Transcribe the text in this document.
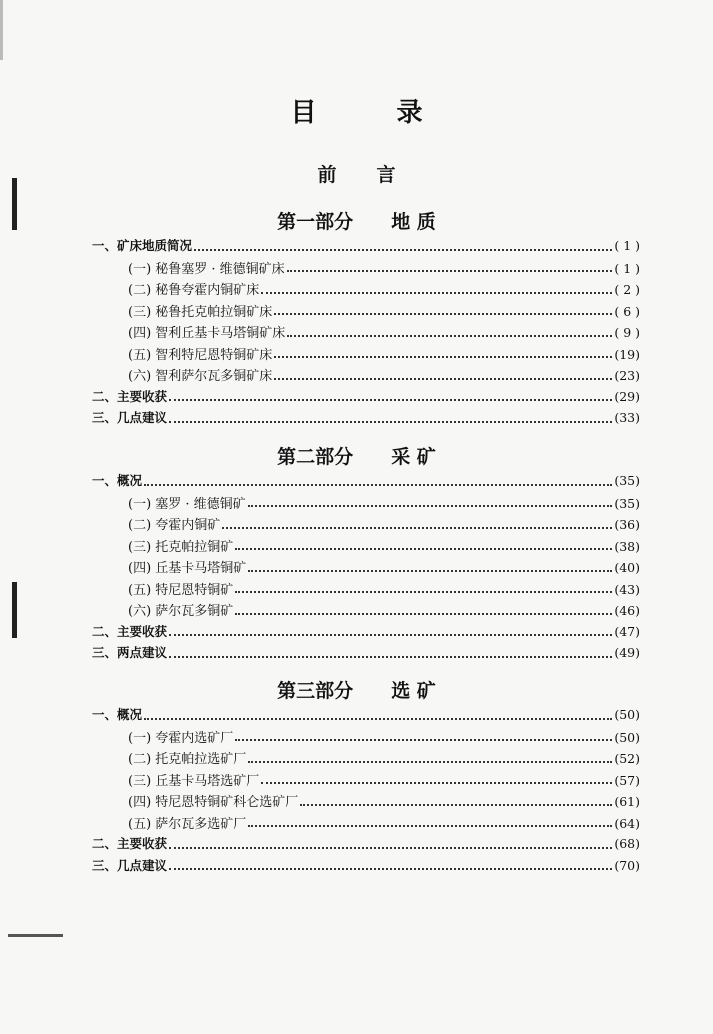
目	录
前 言
第一部分 地 质
一、矿床地质简况	( 1 )
(一) 秘鲁塞罗 · 维德铜矿床	( 1 )
(二) 秘鲁夸霍内铜矿床	( 2 )
(三) 秘鲁托克帕拉铜矿床	( 6 )
(四) 智利丘基卡马塔铜矿床	( 9 )
(五) 智利特尼恩特铜矿床	(19)
(六) 智利萨尔瓦多铜矿床	(23)
二、主要收获	(29)
三、几点建议	(33)
第二部分 采 矿
一、概况	(35)
(一) 塞罗 · 维德铜矿	(35)
(二) 夸霍内铜矿	(36)
(三) 托克帕拉铜矿	(38)
(四) 丘基卡马塔铜矿	(40)
(五) 特尼恩特铜矿	(43)
(六) 萨尔瓦多铜矿	(46)
二、主要收获	(47)
三、两点建议	(49)
第三部分 选 矿
一、概况	(50)
(一) 夸霍内选矿厂	(50)
(二) 托克帕拉选矿厂	(52)
(三) 丘基卡马塔选矿厂	(57)
(四) 特尼恩特铜矿科仑选矿厂	(61)
(五) 萨尔瓦多选矿厂	(64)
二、主要收获	(68)
三、几点建议	(70)
